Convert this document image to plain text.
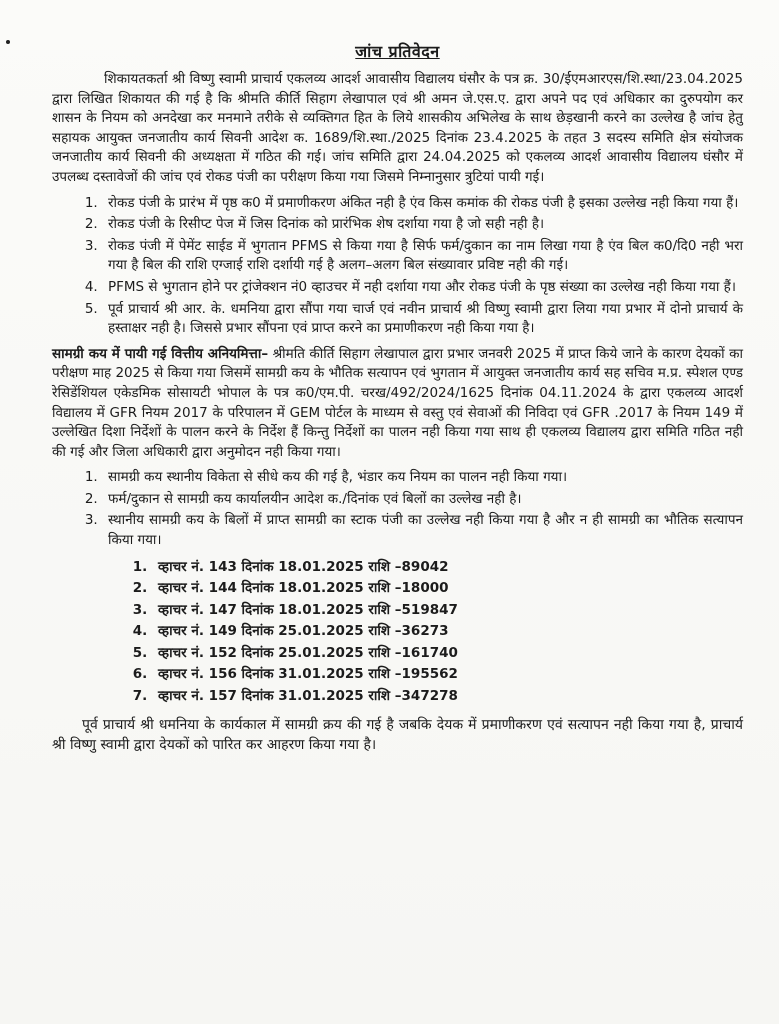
जांच प्रतिवेदन

शिकायतकर्ता श्री विष्णु स्वामी प्राचार्य एकलव्य आदर्श आवासीय विद्यालय घंसौर के पत्र क्र. 30/ईएमआरएस/शि.स्था/23.04.2025 द्वारा लिखित शिकायत की गई है कि श्रीमति कीर्ति सिहाग लेखापाल एवं श्री अमन जे.एस.ए. द्वारा अपने पद एवं अधिकार का दुरुपयोग कर शासन के नियम को अनदेखा कर मनमाने तरीके से व्यक्तिगत हित के लिये शासकीय अभिलेख के साथ छेड़खानी करने का उल्लेख है जांच हेतु सहायक आयुक्त जनजातीय कार्य सिवनी आदेश क. 1689/शि.स्था./2025 दिनांक 23.4.2025 के तहत 3 सदस्य समिति क्षेत्र संयोजक जनजातीय कार्य सिवनी की अध्यक्षता में गठित की गई। जांच समिति द्वारा 24.04.2025 को एकलव्य आदर्श आवासीय विद्यालय घंसौर में उपलब्ध दस्तावेजों की जांच एवं रोकड पंजी का परीक्षण किया गया जिसमे निम्नानुसार त्रुटियां पायी गई।

1. रोकड पंजी के प्रारंभ में पृष्ठ क0 में प्रमाणीकरण अंकित नही है एंव किस कमांक की रोकड पंजी है इसका उल्लेख नही किया गया हैं।
2. रोकड पंजी के रिसीप्ट पेज में जिस दिनांक को प्रारंभिक शेष दर्शाया गया है जो सही नही है।
3. रोकड पंजी में पेमेंट साईड में भुगतान PFMS से किया गया है सिर्फ फर्म/दुकान का नाम लिखा गया है एंव बिल क0/दि0 नही भरा गया है बिल की राशि एग्जाई राशि दर्शायी गई है अलग–अलग बिल संख्यावार प्रविष्ट नही की गई।
4. PFMS से भुगतान होने पर ट्रांजेक्शन नं0 व्हाउचर में नही दर्शाया गया और रोकड पंजी के पृष्ठ संख्या का उल्लेख नही किया गया हैं।
5. पूर्व प्राचार्य श्री आर. के. धमनिया द्वारा सौंपा गया चार्ज एवं नवीन प्राचार्य श्री विष्णु स्वामी द्वारा लिया गया प्रभार में दोनो प्राचार्य के हस्ताक्षर नही है। जिससे प्रभार सौंपना एवं प्राप्त करने का प्रमाणीकरण नही किया गया है।

सामग्री कय में पायी गई वित्तीय अनियमित्ता– श्रीमति कीर्ति सिहाग लेखापाल द्वारा प्रभार जनवरी 2025 में प्राप्त किये जाने के कारण देयकों का परीक्षण माह 2025 से किया गया जिसमें सामग्री कय के भौतिक सत्यापन एवं भुगतान में आयुक्त जनजातीय कार्य सह सचिव म.प्र. स्पेशल एण्ड रेसिडेंशियल एकेडमिक सोसायटी भोपाल के पत्र क0/एम.पी. चरख/492/2024/1625 दिनांक 04.11.2024 के द्वारा एकलव्य आदर्श विद्यालय में GFR नियम 2017 के परिपालन में GEM पोर्टल के माध्यम से वस्तु एवं सेवाओं की निविदा एवं GFR .2017 के नियम 149 में उल्लेखित दिशा निर्देशों के पालन करने के निर्देश हैं किन्तु निर्देशों का पालन नही किया गया साथ ही एकलव्य विद्यालय द्वारा समिति गठित नही की गई और जिला अधिकारी द्वारा अनुमोदन नही किया गया।

1. सामग्री कय स्थानीय विकेता से सीधे कय की गई है, भंडार कय नियम का पालन नही किया गया।
2. फर्म/दुकान से सामग्री कय कार्यालयीन आदेश क./दिनांक एवं बिलों का उल्लेख नही है।
3. स्थानीय सामग्री कय के बिलों में प्राप्त सामग्री का स्टाक पंजी का उल्लेख नही किया गया है और न ही सामग्री का भौतिक सत्यापन किया गया।
1. व्हाचर नं. 143 दिनांक 18.01.2025 राशि –89042
2. व्हाचर नं. 144 दिनांक 18.01.2025 राशि –18000
3. व्हाचर नं. 147 दिनांक 18.01.2025 राशि –519847
4. व्हाचर नं. 149 दिनांक 25.01.2025 राशि –36273
5. व्हाचर नं. 152 दिनांक 25.01.2025 राशि –161740
6. व्हाचर नं. 156 दिनांक 31.01.2025 राशि –195562
7. व्हाचर नं. 157 दिनांक 31.01.2025 राशि –347278

पूर्व प्राचार्य श्री धमनिया के कार्यकाल में सामग्री क्रय की गई है जबकि देयक में प्रमाणीकरण एवं सत्यापन नही किया गया है, प्राचार्य श्री विष्णु स्वामी द्वारा देयकों को पारित कर आहरण किया गया है।
